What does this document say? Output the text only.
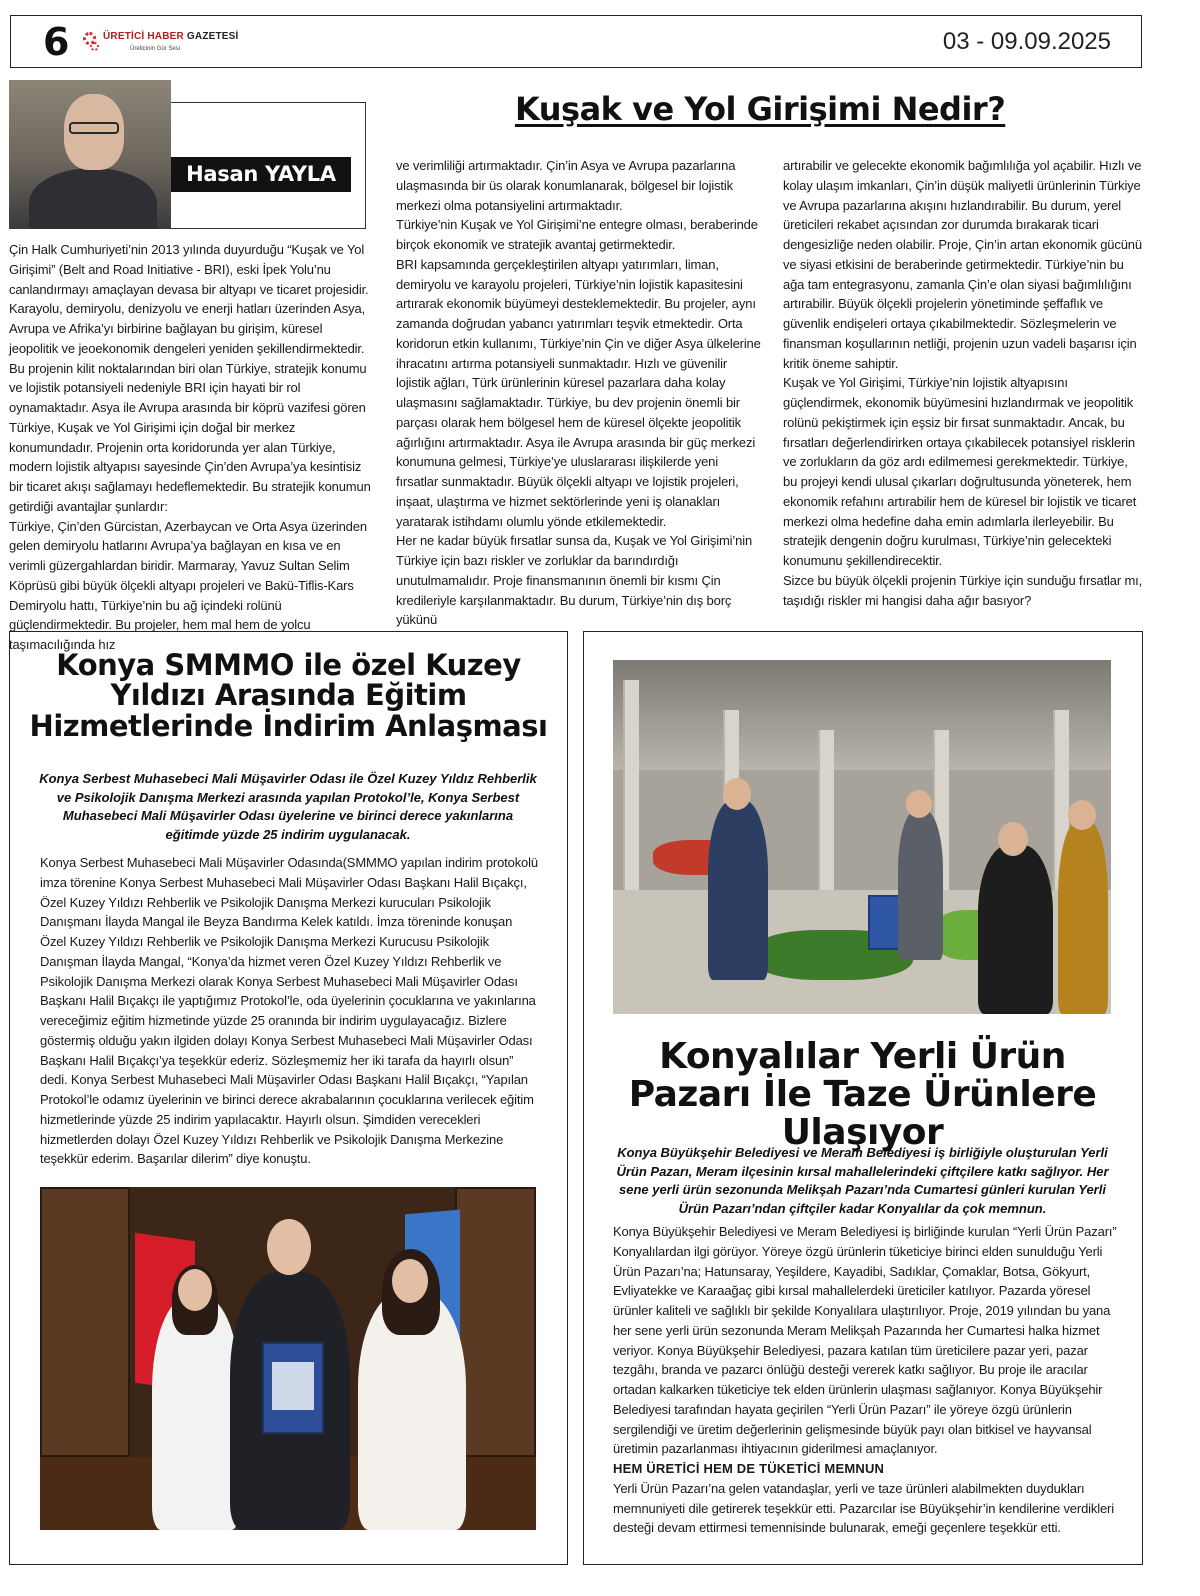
6	ÜRETİCİ HABER GAZETESİ
Üreticinin Gür Sesi	03 - 09.09.2025
Hasan YAYLA
Kuşak ve Yol Girişimi Nedir?

Çin Halk Cumhuriyeti’nin 2013 yılında duyurduğu “Kuşak ve Yol Girişimi” (Belt and Road Initiative - BRI), eski İpek Yolu’nu canlandırmayı amaçlayan devasa bir altyapı ve ticaret projesidir. Karayolu, demiryolu, denizyolu ve enerji hatları üzerinden Asya, Avrupa ve Afrika’yı birbirine bağlayan bu girişim, küresel jeopolitik ve jeoekonomik dengeleri yeniden şekillendirmektedir. Bu projenin kilit noktalarından biri olan Türkiye, stratejik konumu ve lojistik potansiyeli nedeniyle BRI için hayati bir rol oynamaktadır. Asya ile Avrupa arasında bir köprü vazifesi gören Türkiye, Kuşak ve Yol Girişimi için doğal bir merkez konumundadır. Projenin orta koridorunda yer alan Türkiye, modern lojistik altyapısı sayesinde Çin’den Avrupa’ya kesintisiz bir ticaret akışı sağlamayı hedeflemektedir. Bu stratejik konumun getirdiği avantajlar şunlardır:

Türkiye, Çin’den Gürcistan, Azerbaycan ve Orta Asya üzerinden gelen demiryolu hatlarını Avrupa’ya bağlayan en kısa ve en verimli güzergahlardan biridir. Marmaray, Yavuz Sultan Selim Köprüsü gibi büyük ölçekli altyapı projeleri ve Bakü-Tiflis-Kars Demiryolu hattı, Türkiye’nin bu ağ içindeki rolünü güçlendirmektedir. Bu projeler, hem mal hem de yolcu taşımacılığında hız

ve verimliliği artırmaktadır. Çin’in Asya ve Avrupa pazarlarına ulaşmasında bir üs olarak konumlanarak, bölgesel bir lojistik merkezi olma potansiyelini artırmaktadır.

Türkiye’nin Kuşak ve Yol Girişimi’ne entegre olması, beraberinde birçok ekonomik ve stratejik avantaj getirmektedir.

BRI kapsamında gerçekleştirilen altyapı yatırımları, liman, demiryolu ve karayolu projeleri, Türkiye’nin lojistik kapasitesini artırarak ekonomik büyümeyi desteklemektedir. Bu projeler, aynı zamanda doğrudan yabancı yatırımları teşvik etmektedir. Orta koridorun etkin kullanımı, Türkiye’nin Çin ve diğer Asya ülkelerine ihracatını artırma potansiyeli sunmaktadır. Hızlı ve güvenilir lojistik ağları, Türk ürünlerinin küresel pazarlara daha kolay ulaşmasını sağlamaktadır. Türkiye, bu dev projenin önemli bir parçası olarak hem bölgesel hem de küresel ölçekte jeopolitik ağırlığını artırmaktadır. Asya ile Avrupa arasında bir güç merkezi konumuna gelmesi, Türkiye’ye uluslararası ilişkilerde yeni fırsatlar sunmaktadır. Büyük ölçekli altyapı ve lojistik projeleri, inşaat, ulaştırma ve hizmet sektörlerinde yeni iş olanakları yaratarak istihdamı olumlu yönde etkilemektedir.

Her ne kadar büyük fırsatlar sunsa da, Kuşak ve Yol Girişimi’nin Türkiye için bazı riskler ve zorluklar da barındırdığı unutulmamalıdır. Proje finansmanının önemli bir kısmı Çin kredileriyle karşılanmaktadır. Bu durum, Türkiye’nin dış borç yükünü

artırabilir ve gelecekte ekonomik bağımlılığa yol açabilir. Hızlı ve kolay ulaşım imkanları, Çin’in düşük maliyetli ürünlerinin Türkiye ve Avrupa pazarlarına akışını hızlandırabilir. Bu durum, yerel üreticileri rekabet açısından zor durumda bırakarak ticari dengesizliğe neden olabilir. Proje, Çin’in artan ekonomik gücünü ve siyasi etkisini de beraberinde getirmektedir. Türkiye’nin bu ağa tam entegrasyonu, zamanla Çin’e olan siyasi bağımlılığını artırabilir. Büyük ölçekli projelerin yönetiminde şeffaflık ve güvenlik endişeleri ortaya çıkabilmektedir. Sözleşmelerin ve finansman koşullarının netliği, projenin uzun vadeli başarısı için kritik öneme sahiptir.

Kuşak ve Yol Girişimi, Türkiye’nin lojistik altyapısını güçlendirmek, ekonomik büyümesini hızlandırmak ve jeopolitik rolünü pekiştirmek için eşsiz bir fırsat sunmaktadır. Ancak, bu fırsatları değerlendirirken ortaya çıkabilecek potansiyel risklerin ve zorlukların da göz ardı edilmemesi gerekmektedir. Türkiye, bu projeyi kendi ulusal çıkarları doğrultusunda yöneterek, hem ekonomik refahını artırabilir hem de küresel bir lojistik ve ticaret merkezi olma hedefine daha emin adımlarla ilerleyebilir. Bu stratejik dengenin doğru kurulması, Türkiye’nin gelecekteki konumunu şekillendirecektir.

Sizce bu büyük ölçekli projenin Türkiye için sunduğu fırsatlar mı, taşıdığı riskler mi hangisi daha ağır basıyor?

Konya SMMMO ile özel Kuzey Yıldızı Arasında Eğitim Hizmetlerinde İndirim Anlaşması
Konya Serbest Muhasebeci Mali Müşavirler Odası ile Özel Kuzey Yıldız Rehberlik ve Psikolojik Danışma Merkezi arasında yapılan Protokol’le, Konya Serbest Muhasebeci Mali Müşavirler Odası üyelerine ve birinci derece yakınlarına eğitimde yüzde 25 indirim uygulanacak.
Konya Serbest Muhasebeci Mali Müşavirler Odasında(SMMMO yapılan indirim protokolü imza törenine Konya Serbest Muhasebeci Mali Müşavirler Odası Başkanı Halil Bıçakçı, Özel Kuzey Yıldızı Rehberlik ve Psikolojik Danışma Merkezi kurucuları Psikolojik Danışmanı İlayda Mangal ile Beyza Bandırma Kelek katıldı. İmza töreninde konuşan Özel Kuzey Yıldızı Rehberlik ve Psikolojik Danışma Merkezi Kurucusu Psikolojik Danışman İlayda Mangal, “Konya’da hizmet veren Özel Kuzey Yıldızı Rehberlik ve Psikolojik Danışma Merkezi olarak Konya Serbest Muhasebeci Mali Müşavirler Odası Başkanı Halil Bıçakçı ile yaptığımız Protokol’le, oda üyelerinin çocuklarına ve yakınlarına vereceğimiz eğitim hizmetinde yüzde 25 oranında bir indirim uygulayacağız. Bizlere göstermiş olduğu yakın ilgiden dolayı Konya Serbest Muhasebeci Mali Müşavirler Odası Başkanı Halil Bıçakçı’ya teşekkür ederiz. Sözleşmemiz her iki tarafa da hayırlı olsun” dedi. Konya Serbest Muhasebeci Mali Müşavirler Odası Başkanı Halil Bıçakçı, “Yapılan Protokol’le odamız üyelerinin ve birinci derece akrabalarının çocuklarına verilecek eğitim hizmetlerinde yüzde 25 indirim yapılacaktır. Hayırlı olsun. Şimdiden verecekleri hizmetlerden dolayı Özel Kuzey Yıldızı Rehberlik ve Psikolojik Danışma Merkezine teşekkür ederim. Başarılar dilerim” diye konuştu.
Konyalılar Yerli Ürün Pazarı İle Taze Ürünlere Ulaşıyor
Konya Büyükşehir Belediyesi ve Meram Belediyesi iş birliğiyle oluşturulan Yerli Ürün Pazarı, Meram ilçesinin kırsal mahallelerindeki çiftçilere katkı sağlıyor. Her sene yerli ürün sezonunda Melikşah Pazarı’nda Cumartesi günleri kurulan Yerli Ürün Pazarı’ndan çiftçiler kadar Konyalılar da çok memnun.
Konya Büyükşehir Belediyesi ve Meram Belediyesi iş birliğinde kurulan “Yerli Ürün Pazarı” Konyalılardan ilgi görüyor. Yöreye özgü ürünlerin tüketiciye birinci elden sunulduğu Yerli Ürün Pazarı’na; Hatunsaray, Yeşildere, Kayadibi, Sadıklar, Çomaklar, Botsa, Gökyurt, Evliyatekke ve Karaağaç gibi kırsal mahallelerdeki üreticiler katılıyor. Pazarda yöresel ürünler kaliteli ve sağlıklı bir şekilde Konyalılara ulaştırılıyor. Proje, 2019 yılından bu yana her sene yerli ürün sezonunda Meram Melikşah Pazarında her Cumartesi halka hizmet veriyor. Konya Büyükşehir Belediyesi, pazara katılan tüm üreticilere pazar yeri, pazar tezgâhı, branda ve pazarcı önlüğü desteği vererek katkı sağlıyor. Bu proje ile aracılar ortadan kalkarken tüketiciye tek elden ürünlerin ulaşması sağlanıyor. Konya Büyükşehir Belediyesi tarafından hayata geçirilen “Yerli Ürün Pazarı” ile yöreye özgü ürünlerin sergilendiği ve üretim değerlerinin gelişmesinde büyük payı olan bitkisel ve hayvansal üretimin pazarlanması ihtiyacının giderilmesi amaçlanıyor.
HEM ÜRETİCİ HEM DE TÜKETİCİ MEMNUN
Yerli Ürün Pazarı’na gelen vatandaşlar, yerli ve taze ürünleri alabilmekten duydukları memnuniyeti dile getirerek teşekkür etti. Pazarcılar ise Büyükşehir’in kendilerine verdikleri desteği devam ettirmesi temennisinde bulunarak, emeği geçenlere teşekkür etti.
